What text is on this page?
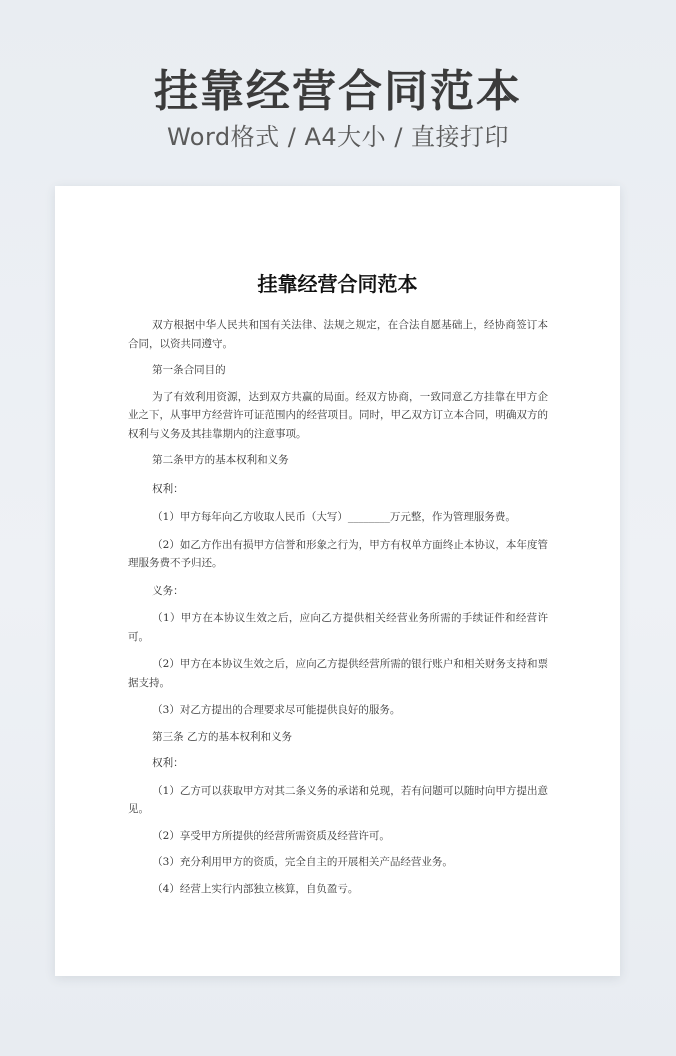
挂靠经营合同范本
Word格式 / A4大小 / 直接打印
挂靠经营合同范本

双方根据中华人民共和国有关法律、法规之规定，在合法自愿基础上，经协商签订本合同，以资共同遵守。

第一条合同目的

为了有效利用资源，达到双方共赢的局面。经双方协商，一致同意乙方挂靠在甲方企业之下，从事甲方经营许可证范围内的经营项目。同时，甲乙双方订立本合同，明确双方的权利与义务及其挂靠期内的注意事项。

第二条甲方的基本权利和义务

权利：

（1）甲方每年向乙方收取人民币（大写）________万元整，作为管理服务费。

（2）如乙方作出有损甲方信誉和形象之行为，甲方有权单方面终止本协议，本年度管理服务费不予归还。

义务：

（1）甲方在本协议生效之后，应向乙方提供相关经营业务所需的手续证件和经营许可。

（2）甲方在本协议生效之后，应向乙方提供经营所需的银行账户和相关财务支持和票据支持。

（3）对乙方提出的合理要求尽可能提供良好的服务。

第三条 乙方的基本权利和义务

权利：

（1）乙方可以获取甲方对其二条义务的承诺和兑现，若有问题可以随时向甲方提出意见。

（2）享受甲方所提供的经营所需资质及经营许可。

（3）充分利用甲方的资质，完全自主的开展相关产品经营业务。

（4）经营上实行内部独立核算，自负盈亏。
